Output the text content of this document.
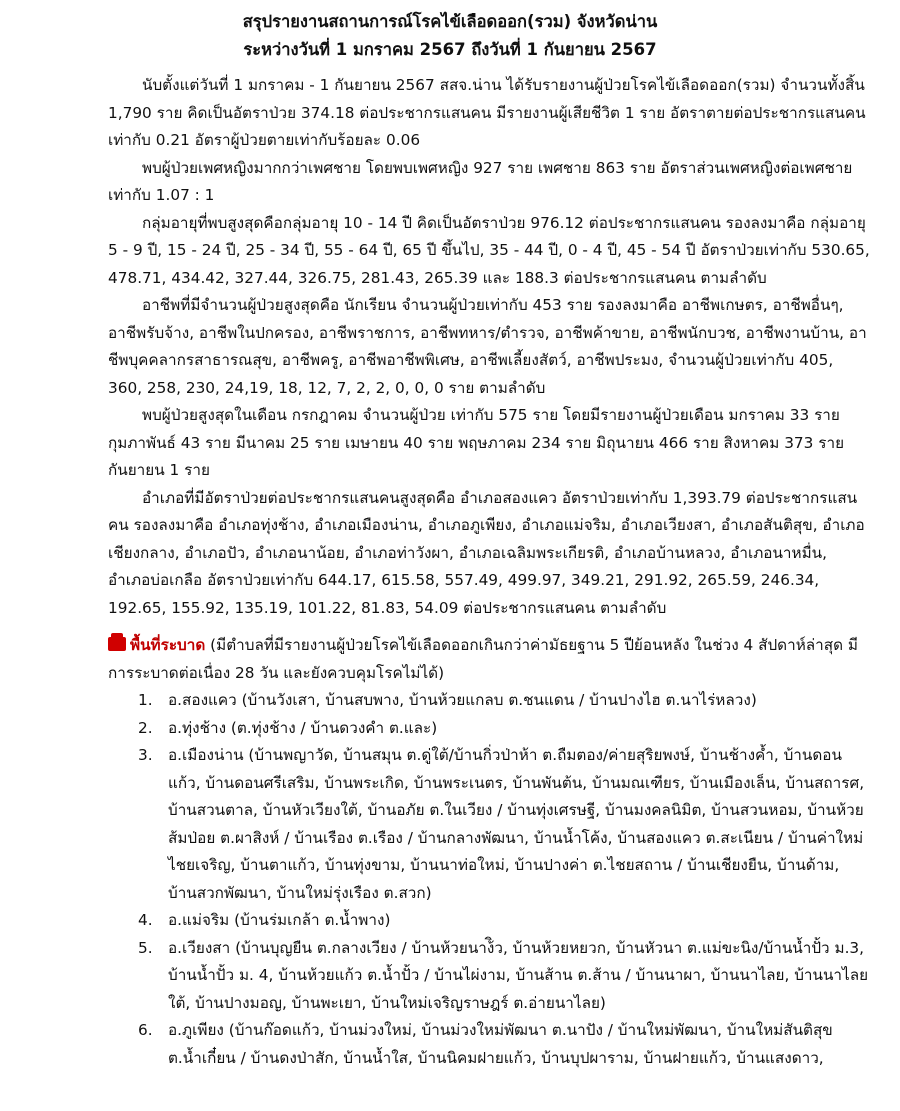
สรุปรายงานสถานการณ์โรคไข้เลือดออก(รวม) จังหวัดน่าน

ระหว่างวันที่ 1 มกราคม 2567 ถึงวันที่ 1 กันยายน 2567

นับตั้งแต่วันที่ 1 มกราคม - 1 กันยายน 2567 สสจ.น่าน ได้รับรายงานผู้ป่วยโรคไข้เลือดออก(รวม) จำนวนทั้งสิ้น 1,790 ราย คิดเป็นอัตราป่วย 374.18 ต่อประชากรแสนคน มีรายงานผู้เสียชีวิต 1 ราย อัตราตายต่อประชากรแสนคน เท่ากับ 0.21 อัตราผู้ป่วยตายเท่ากับร้อยละ 0.06

พบผู้ป่วยเพศหญิงมากกว่าเพศชาย โดยพบเพศหญิง 927 ราย เพศชาย 863 ราย อัตราส่วนเพศหญิงต่อเพศชาย เท่ากับ 1.07 : 1

กลุ่มอายุที่พบสูงสุดคือกลุ่มอายุ 10 - 14 ปี คิดเป็นอัตราป่วย 976.12 ต่อประชากรแสนคน รองลงมาคือ กลุ่มอายุ 5 - 9 ปี, 15 - 24 ปี, 25 - 34 ปี, 55 - 64 ปี, 65 ปี ขึ้นไป, 35 - 44 ปี, 0 - 4 ปี, 45 - 54 ปี อัตราป่วยเท่ากับ 530.65, 478.71, 434.42, 327.44, 326.75, 281.43, 265.39 และ 188.3 ต่อประชากรแสนคน ตามลำดับ

อาชีพที่มีจำนวนผู้ป่วยสูงสุดคือ นักเรียน จำนวนผู้ป่วยเท่ากับ 453 ราย รองลงมาคือ อาชีพเกษตร, อาชีพอื่นๆ, อาชีพรับจ้าง, อาชีพในปกครอง, อาชีพราชการ, อาชีพทหาร/ตำรวจ, อาชีพค้าขาย, อาชีพนักบวช, อาชีพงานบ้าน, อาชีพบุคคลากรสาธารณสุข, อาชีพครู, อาชีพอาชีพพิเศษ, อาชีพเลี้ยงสัตว์, อาชีพประมง, จำนวนผู้ป่วยเท่ากับ 405, 360, 258, 230, 24,19, 18, 12, 7, 2, 2, 0, 0, 0 ราย ตามลำดับ

พบผู้ป่วยสูงสุดในเดือน กรกฎาคม จำนวนผู้ป่วย เท่ากับ 575 ราย โดยมีรายงานผู้ป่วยเดือน มกราคม 33 ราย กุมภาพันธ์ 43 ราย มีนาคม 25 ราย เมษายน 40 ราย พฤษภาคม 234 ราย มิถุนายน 466 ราย สิงหาคม 373 ราย กันยายน 1 ราย

อำเภอที่มีอัตราป่วยต่อประชากรแสนคนสูงสุดคือ อำเภอสองแคว อัตราป่วยเท่ากับ 1,393.79 ต่อประชากรแสนคน รองลงมาคือ อำเภอทุ่งช้าง, อำเภอเมืองน่าน, อำเภอภูเพียง, อำเภอแม่จริม, อำเภอเวียงสา, อำเภอสันติสุข, อำเภอเชียงกลาง, อำเภอปัว, อำเภอนาน้อย, อำเภอท่าวังผา, อำเภอเฉลิมพระเกียรติ, อำเภอบ้านหลวง, อำเภอนาหมื่น, อำเภอบ่อเกลือ อัตราป่วยเท่ากับ 644.17, 615.58, 557.49, 499.97, 349.21, 291.92, 265.59, 246.34, 192.65, 155.92, 135.19, 101.22, 81.83, 54.09 ต่อประชากรแสนคน ตามลำดับ

พื้นที่ระบาด (มีตำบลที่มีรายงานผู้ป่วยโรคไข้เลือดออกเกินกว่าค่ามัธยฐาน 5 ปีย้อนหลัง ในช่วง 4 สัปดาห์ล่าสุด มีการระบาดต่อเนื่อง 28 วัน และยังควบคุมโรคไม่ได้)

1.	อ.สองแคว (บ้านวังเสา, บ้านสบพาง, บ้านห้วยแกลบ ต.ชนแดน / บ้านปางไฮ ต.นาไร่หลวง)
2.	อ.ทุ่งช้าง (ต.ทุ่งช้าง / บ้านดวงคำ ต.และ)
3.	อ.เมืองน่าน (บ้านพญาวัด, บ้านสมุน ต.ดู่ใต้/บ้านกิ่วป่าห้า ต.ถืมตอง/ค่ายสุริยพงษ์, บ้านช้างค้ำ, บ้านดอนแก้ว, บ้านดอนศรีเสริม, บ้านพระเกิด, บ้านพระเนตร, บ้านพันต้น, บ้านมณเฑียร, บ้านเมืองเล็น, บ้านสถารศ, บ้านสวนตาล, บ้านหัวเวียงใต้, บ้านอภัย ต.ในเวียง / บ้านทุ่งเศรษฐี, บ้านมงคลนิมิต, บ้านสวนหอม, บ้านห้วยส้มป่อย ต.ผาสิงห์ / บ้านเรือง ต.เรือง / บ้านกลางพัฒนา, บ้านน้ำโค้ง, บ้านสองแคว ต.สะเนียน / บ้านค่าใหม่ไชยเจริญ, บ้านตาแก้ว, บ้านทุ่งขาม, บ้านนาท่อใหม่, บ้านปางค่า ต.ไชยสถาน / บ้านเชียงยืน, บ้านด้าม, บ้านสวกพัฒนา, บ้านใหม่รุ่งเรือง ต.สวก)
4.	อ.แม่จริม (บ้านร่มเกล้า ต.น้ำพาง)
5.	อ.เวียงสา (บ้านบุญยืน ต.กลางเวียง / บ้านห้วยนาง้ิว, บ้านห้วยหยวก, บ้านหัวนา ต.แม่ขะนิง/บ้านน้ำปั้ว ม.3, บ้านน้ำปั้ว ม. 4, บ้านห้วยแก้ว ต.น้ำปั้ว / บ้านไผ่งาม, บ้านส้าน ต.ส้าน / บ้านนาผา, บ้านนาไลย, บ้านนาไลยใต้, บ้านปางมอญ, บ้านพะเยา, บ้านใหม่เจริญราษฎร์ ต.อ่ายนาไลย)
6.	อ.ภูเพียง (บ้านก๊อดแก้ว, บ้านม่วงใหม่, บ้านม่วงใหม่พัฒนา ต.นาปัง / บ้านใหม่พัฒนา, บ้านใหม่สันติสุข ต.น้ำเกี๋ยน / บ้านดงป่าสัก, บ้านน้ำใส, บ้านนิคมฝายแก้ว, บ้านบุปผาราม, บ้านฝายแก้ว, บ้านแสงดาว,
